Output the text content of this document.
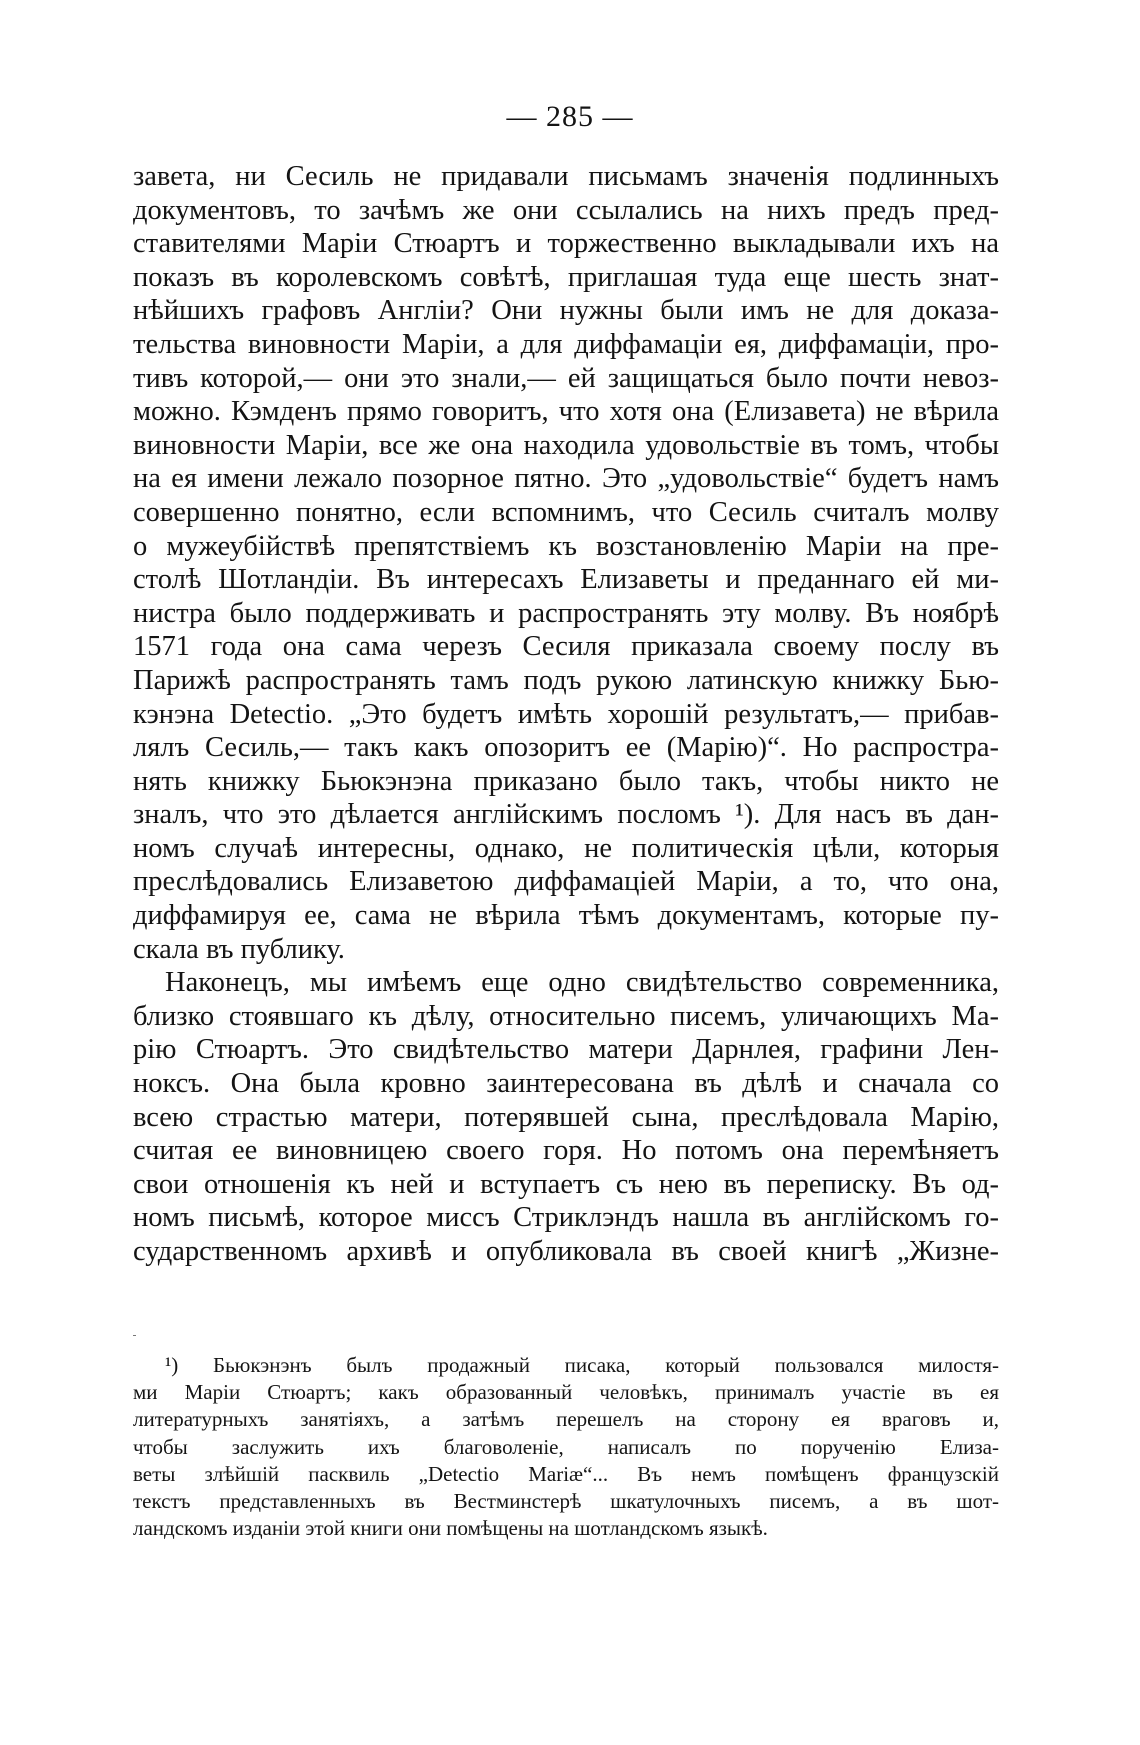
— 285 —
завета, ни Сесиль не придавали письмамъ значенія подлинныхъ
документовъ, то зачѣмъ же они ссылались на нихъ предъ пред-
ставителями Маріи Стюартъ и торжественно выкладывали ихъ на
показъ въ королевскомъ совѣтѣ, приглашая туда еще шесть знат-
нѣйшихъ графовъ Англіи? Они нужны были имъ не для доказа-
тельства виновности Маріи, а для диффамаціи ея, диффамаціи, про-
тивъ которой,— они это знали,— ей защищаться было почти невоз-
можно. Кэмденъ прямо говоритъ, что хотя она (Елизавета) не вѣрила
виновности Маріи, все же она находила удовольствіе въ томъ, чтобы
на ея имени лежало позорное пятно. Это „удовольствіе“ будетъ намъ
совершенно понятно, если вспомнимъ, что Сесиль считалъ молву
о мужеубійствѣ препятствіемъ къ возстановленію Маріи на пре-
столѣ Шотландіи. Въ интересахъ Елизаветы и преданнаго ей ми-
нистра было поддерживать и распространять эту молву. Въ ноябрѣ
1571 года она сама черезъ Сесиля приказала своему послу въ
Парижѣ распространять тамъ подъ рукою латинскую книжку Бью-
кэнэна Detectio. „Это будетъ имѣть хорошій результатъ,— прибав-
лялъ Сесиль,— такъ какъ опозоритъ ее (Марію)“. Но распростра-
нять книжку Бьюкэнэна приказано было такъ, чтобы никто не
зналъ, что это дѣлается англійскимъ посломъ ¹). Для насъ въ дан-
номъ случаѣ интересны, однако, не политическія цѣли, которыя
преслѣдовались Елизаветою диффамаціей Маріи, а то, что она,
диффамируя ее, сама не вѣрила тѣмъ документамъ, которые пу-
скала въ публику.
Наконецъ, мы имѣемъ еще одно свидѣтельство современника,
близко стоявшаго къ дѣлу, относительно писемъ, уличающихъ Ма-
рію Стюартъ. Это свидѣтельство матери Дарнлея, графини Лен-
ноксъ. Она была кровно заинтересована въ дѣлѣ и сначала со
всею страстью матери, потерявшей сына, преслѣдовала Марію,
считая ее виновницею своего горя. Но потомъ она перемѣняетъ
свои отношенія къ ней и вступаетъ съ нею въ переписку. Въ од-
номъ письмѣ, которое миссъ Стриклэндъ нашла въ англійскомъ го-
сударственномъ архивѣ и опубликовала въ своей книгѣ „Жизне-
¹) Бьюкэнэнъ былъ продажный писака, который пользовался милостя-
ми Маріи Стюартъ; какъ образованный человѣкъ, принималъ участіе въ ея
литературныхъ занятіяхъ, а затѣмъ перешелъ на сторону ея враговъ и,
чтобы заслужить ихъ благоволеніе, написалъ по порученію Елиза-
веты злѣйшій пасквиль „Detectio Mariæ“... Въ немъ помѣщенъ французскій
текстъ представленныхъ въ Вестминстерѣ шкатулочныхъ писемъ, а въ шот-
ландскомъ изданіи этой книги они помѣщены на шотландскомъ языкѣ.
